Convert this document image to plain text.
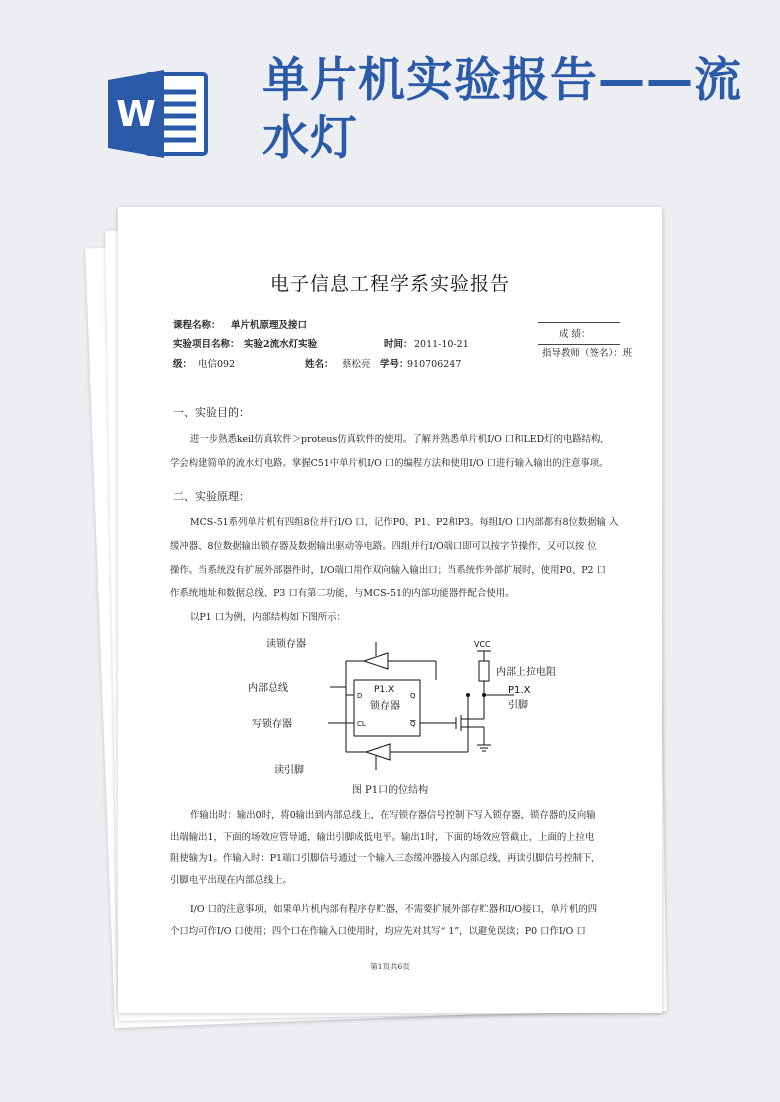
W
单片机实验报告——流水灯
电子信息工程学系实验报告
课程名称： 单片机原理及接口
实验项目名称： 实验2流水灯实验	时间： 2011-10-21
级： 电信092	姓名： 蔡松亮 学号：
910706247
成 绩：
指导教师（签名）：班
一、实验目的：

进一步熟悉keil仿真软件＞proteus仿真软件的使用。了解并熟悉单片机I/O 口和LED灯的电路结构,

学会构建简单的流水灯电路。掌握C51中单片机I/O 口的编程方法和使用I/O 口进行输入输出的注意事项。

二、实验原理：

MCS-51系列单片机有四组8位并行I/O 口，记作P0、P1、P2和P3。每组I/O 口内部都有8位数据输 入

缓冲器、8位数据输出锁存器及数据输出驱动等电路。四组并行I/O端口即可以按字节操作，又可以按 位

操作。当系统没有扩展外部器件时，I/O端口用作双向输入输出口；当系统作外部扩展时，使用P0、P2 口

作系统地址和数据总线、P3 口有第二功能，与MCS-51的内部功能器件配合使用。

以P1 口为例，内部结构如下图所示：

读锁存器
内部总线
写锁存器
读引脚
P1.X
锁存器
D	Q
CL	Q
VCC
内部上拉电阻
P1.X
引脚
图 P1口的位结构

作输出时：输出0时，将0输出到内部总线上，在写锁存器信号控制下写入锁存器，锁存器的反向输

出端输出1，下面的场效应管导通，输出引脚成低电平。输出1时，下面的场效应管截止，上面的上拉电

阻使输为1。作输入时：P1端口引脚信号通过一个输入三态缓冲器接入内部总线，再读引脚信号控制下,

引脚电平出现在内部总线上。

I/O 口的注意事项，如果单片机内部有程序存贮器，不需要扩展外部存贮器和I/O接口，单片机的四

个口均可作I/O 口使用；四个口在作输入口使用时，均应先对其写“ 1”，以避免误读；P0 口作I/O 口

第1页共6页
